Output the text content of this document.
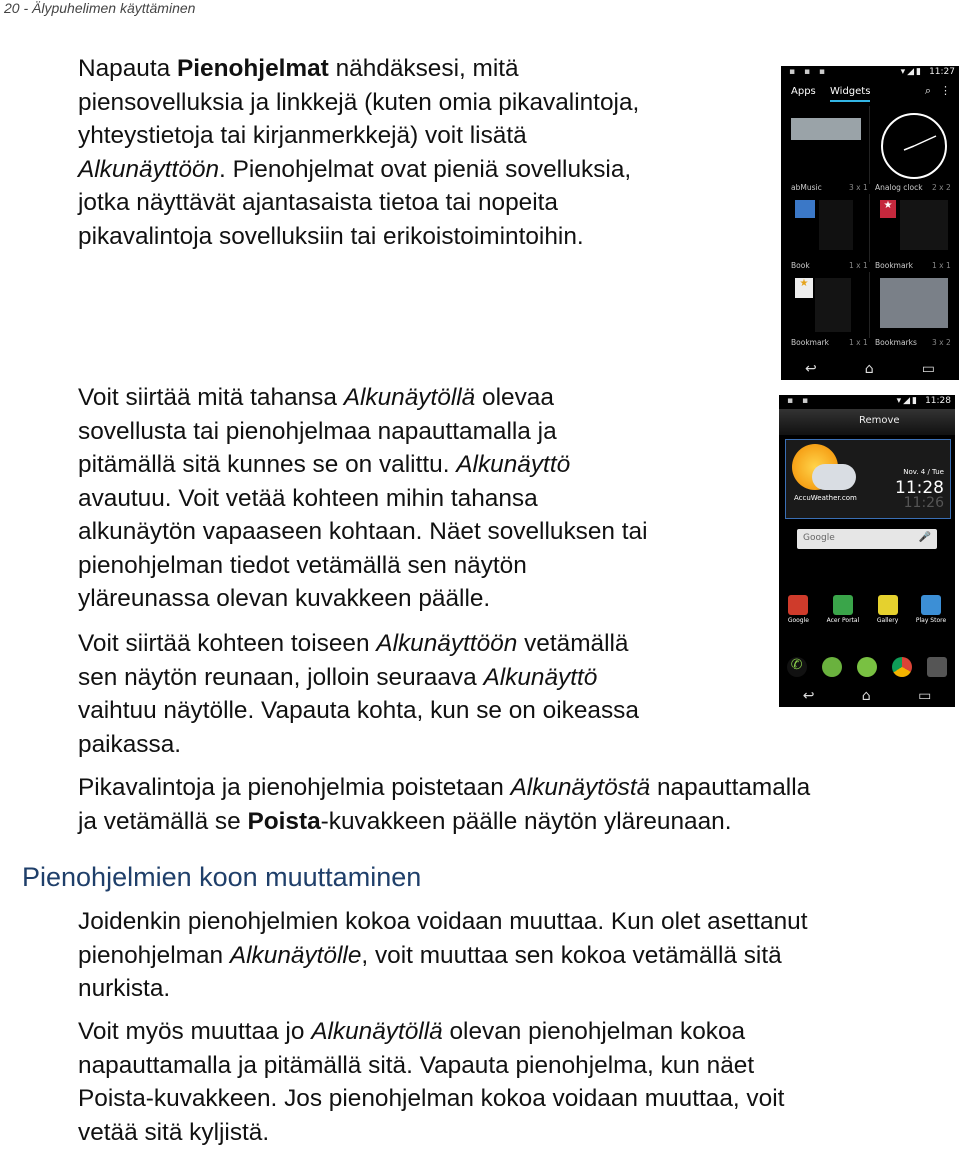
20 - Älypuhelimen käyttäminen
Napauta Pienohjelmat nähdäksesi, mitä
piensovelluksia ja linkkejä (kuten omia pikavalintoja,
yhteystietoja tai kirjanmerkkejä) voit lisätä
Alkunäyttöön. Pienohjelmat ovat pieniä sovelluksia,
jotka näyttävät ajantasaista tietoa tai nopeita
pikavalintoja sovelluksiin tai erikoistoimintoihin.
Voit siirtää mitä tahansa Alkunäytöllä olevaa
sovellusta tai pienohjelmaa napauttamalla ja
pitämällä sitä kunnes se on valittu. Alkunäyttö
avautuu. Voit vetää kohteen mihin tahansa
alkunäytön vapaaseen kohtaan. Näet sovelluksen tai
pienohjelman tiedot vetämällä sen näytön
yläreunassa olevan kuvakkeen päälle.
Voit siirtää kohteen toiseen Alkunäyttöön vetämällä
sen näytön reunaan, jolloin seuraava Alkunäyttö
vaihtuu näytölle. Vapauta kohta, kun se on oikeassa
paikassa.
Pikavalintoja ja pienohjelmia poistetaan Alkunäytöstä napauttamalla
ja vetämällä se Poista-kuvakkeen päälle näytön yläreunaan.
Pienohjelmien koon muuttaminen
Joidenkin pienohjelmien kokoa voidaan muuttaa. Kun olet asettanut
pienohjelman Alkunäytölle, voit muuttaa sen kokoa vetämällä sitä
nurkista.
Voit myös muuttaa jo Alkunäytöllä olevan pienohjelman kokoa
napauttamalla ja pitämällä sitä. Vapauta pienohjelma, kun näet
Poista-kuvakkeen. Jos pienohjelman kokoa voidaan muuttaa, voit
vetää sitä kyljistä.
▪ ▪ ▪	▾◢▮ 11:27
Apps Widgets	⌕ ⋮
abMusic	3 x 1 Analog clock 2 x 2
★
Book	1 x 1 Bookmark	1 x 1
★
Bookmark	1 x 1 Bookmarks 3 x 2
↩	⌂	▭
▪ ▪	▾◢▮ 11:28
Remove
AccuWeather.com
Nov. 4 / Tue
11:28
11:26
Google	🎤
Google	Acer Portal	Gallery	Play Store
✆
↩	⌂	▭
